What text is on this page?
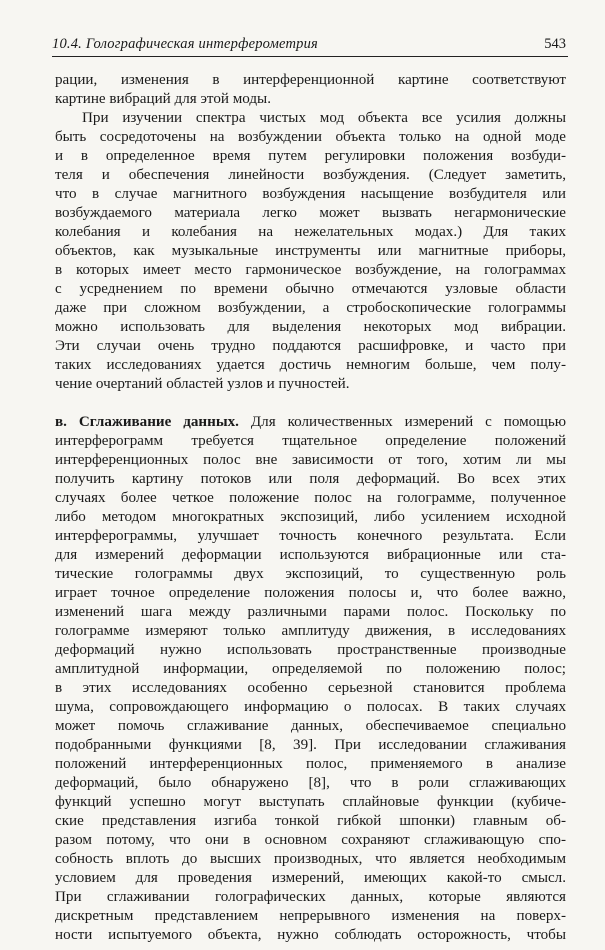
10.4. Голографическая интерферометрия	543
рации, изменения в интерференционной картине соответствуют
картине вибраций для этой моды.
При изучении спектра чистых мод объекта все усилия должны
быть сосредоточены на возбуждении объекта только на одной моде
и в определенное время путем регулировки положения возбуди-
теля и обеспечения линейности возбуждения. (Следует заметить,
что в случае магнитного возбуждения насыщение возбудителя или
возбуждаемого материала легко может вызвать негармонические
колебания и колебания на нежелательных модах.) Для таких
объектов, как музыкальные инструменты или магнитные приборы,
в которых имеет место гармоническое возбуждение, на голограммах
с усреднением по времени обычно отмечаются узловые области
даже при сложном возбуждении, а стробоскопические голограммы
можно использовать для выделения некоторых мод вибрации.
Эти случаи очень трудно поддаются расшифровке, и часто при
таких исследованиях удается достичь немногим больше, чем полу-
чение очертаний областей узлов и пучностей.
в. Сглаживание данных. Для количественных измерений с помощью
интерферограмм требуется тщательное определение положений
интерференционных полос вне зависимости от того, хотим ли мы
получить картину потоков или поля деформаций. Во всех этих
случаях более четкое положение полос на голограмме, полученное
либо методом многократных экспозиций, либо усилением исходной
интерферограммы, улучшает точность конечного результата. Если
для измерений деформации используются вибрационные или ста-
тические голограммы двух экспозиций, то существенную роль
играет точное определение положения полосы и, что более важно,
изменений шага между различными парами полос. Поскольку по
голограмме измеряют только амплитуду движения, в исследованиях
деформаций нужно использовать пространственные производные
амплитудной информации, определяемой по положению полос;
в этих исследованиях особенно серьезной становится проблема
шума, сопровождающего информацию о полосах. В таких случаях
может помочь сглаживание данных, обеспечиваемое специально
подобранными функциями [8, 39]. При исследовании сглаживания
положений интерференционных полос, применяемого в анализе
деформаций, было обнаружено [8], что в роли сглаживающих
функций успешно могут выступать сплайновые функции (кубиче-
ские представления изгиба тонкой гибкой шпонки) главным об-
разом потому, что они в основном сохраняют сглаживающую спо-
собность вплоть до высших производных, что является необходимым
условием для проведения измерений, имеющих какой-то смысл.
При сглаживании голографических данных, которые являются
дискретным представлением непрерывного изменения на поверх-
ности испытуемого объекта, нужно соблюдать осторожность, чтобы
